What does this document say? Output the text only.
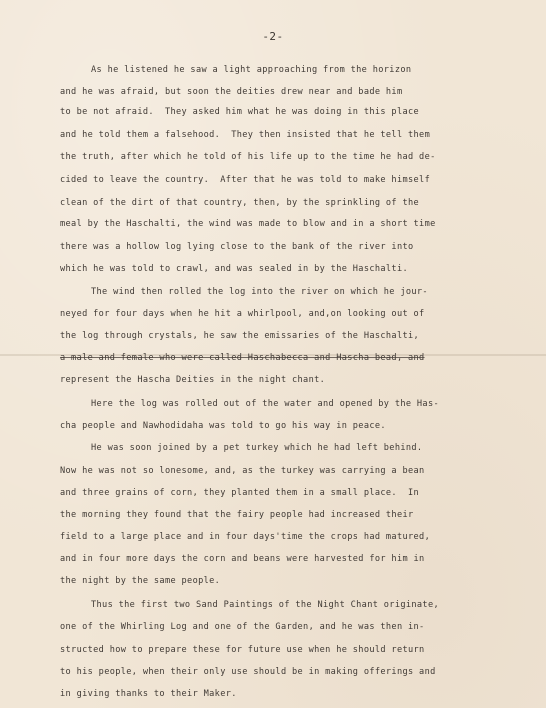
-2-
As he listened he saw a light approaching from the horizon
and he was afraid, but soon the deities drew near and bade him
to be not afraid.  They asked him what he was doing in this place
and he told them a falsehood.  They then insisted that he tell them
the truth, after which he told of his life up to the time he had de-
cided to leave the country.  After that he was told to make himself
clean of the dirt of that country, then, by the sprinkling of the
meal by the Haschalti, the wind was made to blow and in a short time
there was a hollow log lying close to the bank of the river into
which he was told to crawl, and was sealed in by the Haschalti.
The wind then rolled the log into the river on which he jour-
neyed for four days when he hit a whirlpool, and,on looking out of
the log through crystals, he saw the emissaries of the Haschalti,
a male and female who were called Haschabecca and Hascha bead, and
represent the Hascha Deities in the night chant.
Here the log was rolled out of the water and opened by the Has-
cha people and Nawhodidaha was told to go his way in peace.
He was soon joined by a pet turkey which he had left behind.
Now he was not so lonesome, and, as the turkey was carrying a bean
and three grains of corn, they planted them in a small place.  In
the morning they found that the fairy people had increased their
field to a large place and in four days'time the crops had matured,
and in four more days the corn and beans were harvested for him in
the night by the same people.
Thus the first two Sand Paintings of the Night Chant originate,
one of the Whirling Log and one of the Garden, and he was then in-
structed how to prepare these for future use when he should return
to his people, when their only use should be in making offerings and
in giving thanks to their Maker.
